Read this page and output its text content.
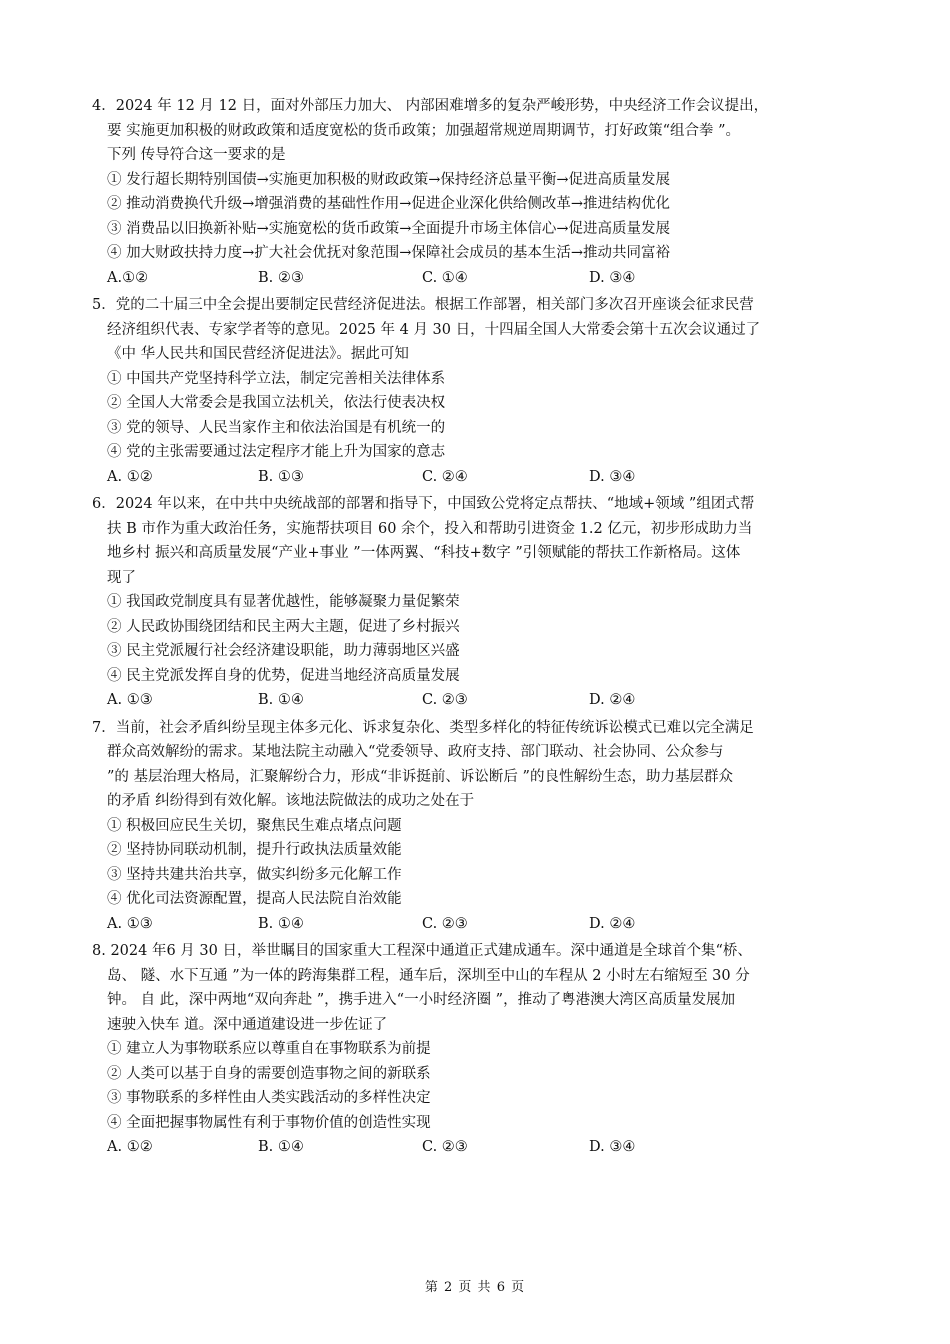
4．2024 年 12 月 12 日，面对外部压力加大、 内部困难增多的复杂严峻形势，中央经济工作会议提出，
要 实施更加积极的财政政策和适度宽松的货币政策；加强超常规逆周期调节，打好政策“组合拳 ”。
下列 传导符合这一要求的是
① 发行超长期特别国债→实施更加积极的财政政策→保持经济总量平衡→促进高质量发展
② 推动消费换代升级→增强消费的基础性作用→促进企业深化供给侧改革→推进结构优化
③ 消费品以旧换新补贴→实施宽松的货币政策→全面提升市场主体信心→促进高质量发展
④ 加大财政扶持力度→扩大社会优抚对象范围→保障社会成员的基本生活→推动共同富裕
A.①②	B. ②③	C. ①④	D. ③④
5．党的二十届三中全会提出要制定民营经济促进法。根据工作部署，相关部门多次召开座谈会征求民营
经济组织代表、专家学者等的意见。2025 年 4 月 30 日，十四届全国人大常委会第十五次会议通过了
《中 华人民共和国民营经济促进法》。据此可知
① 中国共产党坚持科学立法，制定完善相关法律体系
② 全国人大常委会是我国立法机关，依法行使表决权
③ 党的领导、人民当家作主和依法治国是有机统一的
④ 党的主张需要通过法定程序才能上升为国家的意志
A. ①②	B. ①③	C. ②④	D. ③④
6．2024 年以来，在中共中央统战部的部署和指导下，中国致公党将定点帮扶、“地域+领域 ”组团式帮
扶 B 市作为重大政治任务，实施帮扶项目 60 余个，投入和帮助引进资金 1.2 亿元，初步形成助力当
地乡村 振兴和高质量发展“产业+事业 ”一体两翼、“科技+数字 ”引领赋能的帮扶工作新格局。这体
现了
① 我国政党制度具有显著优越性，能够凝聚力量促繁荣
② 人民政协围绕团结和民主两大主题，促进了乡村振兴
③ 民主党派履行社会经济建设职能，助力薄弱地区兴盛
④ 民主党派发挥自身的优势，促进当地经济高质量发展
A. ①③	B. ①④	C. ②③	D. ②④
7．当前，社会矛盾纠纷呈现主体多元化、诉求复杂化、类型多样化的特征传统诉讼模式已难以完全满足
群众高效解纷的需求。某地法院主动融入“党委领导、政府支持、部门联动、社会协同、公众参与
”的 基层治理大格局，汇聚解纷合力，形成“非诉挺前、诉讼断后 ”的良性解纷生态，助力基层群众
的矛盾 纠纷得到有效化解。该地法院做法的成功之处在于
① 积极回应民生关切，聚焦民生难点堵点问题
② 坚持协同联动机制，提升行政执法质量效能
③ 坚持共建共治共享，做实纠纷多元化解工作
④ 优化司法资源配置，提高人民法院自治效能
A. ①③	B. ①④	C. ②③	D. ②④
8. 2024 年6 月 30 日，举世瞩目的国家重大工程深中通道正式建成通车。深中通道是全球首个集“桥、
岛、 隧、水下互通 ”为一体的跨海集群工程，通车后，深圳至中山的车程从 2 小时左右缩短至 30 分
钟。 自 此，深中两地“双向奔赴 ”，携手进入“一小时经济圈 ”，推动了粤港澳大湾区高质量发展加
速驶入快车 道。深中通道建设进一步佐证了
① 建立人为事物联系应以尊重自在事物联系为前提
② 人类可以基于自身的需要创造事物之间的新联系
③ 事物联系的多样性由人类实践活动的多样性决定
④ 全面把握事物属性有利于事物价值的创造性实现
A. ①②	B. ①④	C. ②③	D. ③④
第 2 页 共 6 页
